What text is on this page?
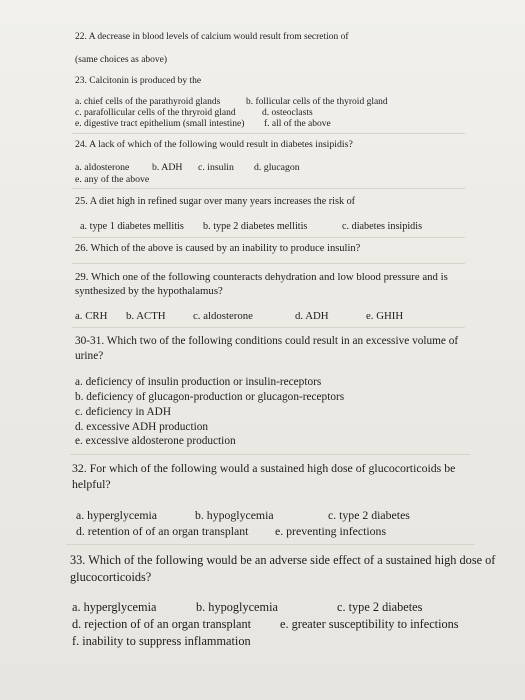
22. A decrease in blood levels of calcium would result from secretion of
(same choices as above)
23. Calcitonin is produced by the
a. chief cells of the parathyroid glands	b. follicular cells of the thyroid gland
c. parafollicular cells of the thryroid gland	d. osteoclasts
e. digestive tract epithelium (small intestine) f. all of the above
24. A lack of which of the following would result in diabetes insipidis?
a. aldosterone b. ADH c. insulin d. glucagon
e. any of the above
25. A diet high in refined sugar over many years increases the risk of
a. type 1 diabetes mellitis b. type 2 diabetes mellitis	c. diabetes insipidis
26. Which of the above is caused by an inability to produce insulin?
29. Which one of the following counteracts dehydration and low blood pressure and is
synthesized by the hypothalamus?
a. CRH b. ACTH	c. aldosterone	d. ADH	e. GHIH
30-31. Which two of the following conditions could result in an excessive volume of
urine?
a. deficiency of insulin production or insulin-receptors
b. deficiency of glucagon-production or glucagon-receptors
c. deficiency in ADH
d. excessive ADH production
e. excessive aldosterone production
32. For which of the following would a sustained high dose of glucocorticoids be
helpful?
a. hyperglycemia	b. hypoglycemia	c. type 2 diabetes
d. retention of of an organ transplant e. preventing infections
33. Which of the following would be an adverse side effect of a sustained high dose of
glucocorticoids?
a. hyperglycemia	b. hypoglycemia	c. type 2 diabetes
d. rejection of of an organ transplant e. greater susceptibility to infections
f. inability to suppress inflammation
